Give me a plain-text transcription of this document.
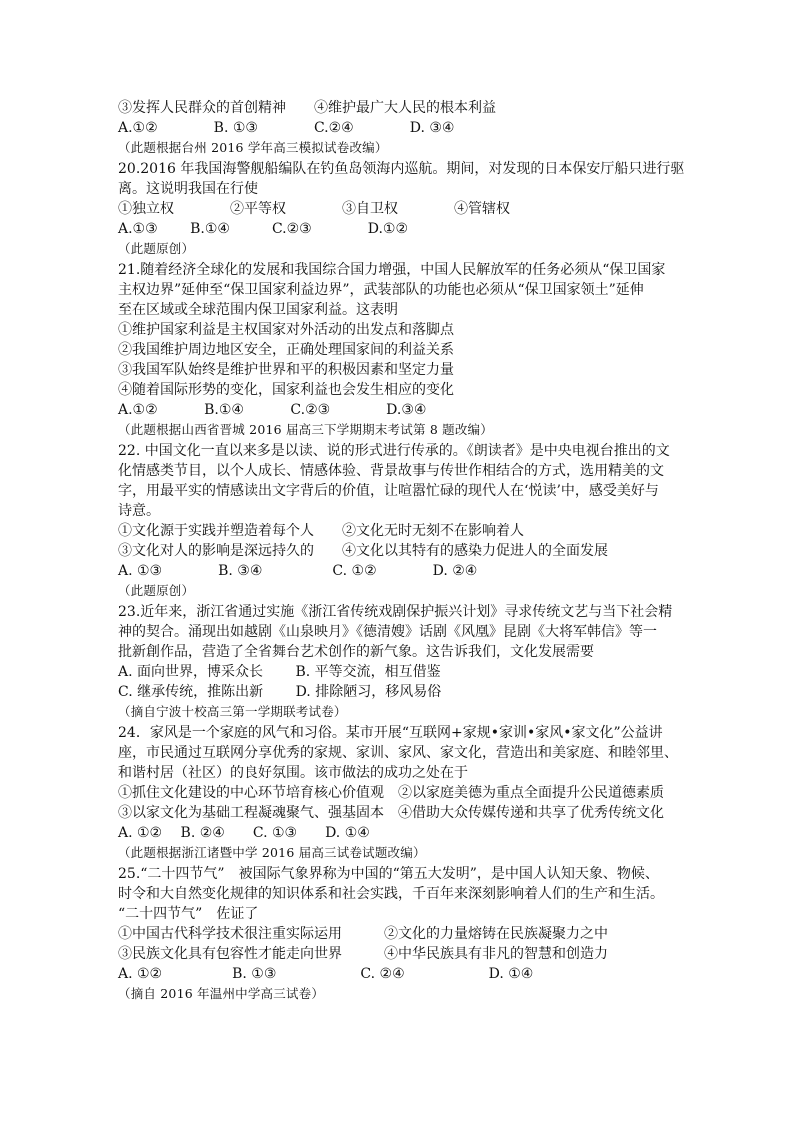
③发挥人民群众的首创精神　　④维护最广大人民的根本利益
A.①②　　　　B. ①③　　　　C.②④　　　　D. ③④
（此题根据台州 2016 学年高三模拟试卷改编）
20.2016 年我国海警舰船编队在钓鱼岛领海内巡航。期间，对发现的日本保安厅船只进行驱
离。这说明我国在行使
①独立权　　　　②平等权　　　　③自卫权　　　　④管辖权
A.①③　　 B.①④　　　C.②③　　　　D.①②
（此题原创）
21.随着经济全球化的发展和我国综合国力增强，中国人民解放军的任务必须从“保卫国家
主权边界”延伸至“保卫国家利益边界”，武装部队的功能也必须从“保卫国家领土”延伸
至在区域或全球范围内保卫国家利益。这表明
①维护国家利益是主权国家对外活动的出发点和落脚点
②我国维护周边地区安全，正确处理国家间的利益关系
③我国军队始终是维护世界和平的积极因素和坚定力量
④随着国际形势的变化，国家利益也会发生相应的变化
A.①②　　　 B.①④　　　 C.②③　　　　D.③④
（此题根据山西省晋城 2016 届高三下学期期末考试第 8 题改编）
22. 中国文化一直以来多是以读、说的形式进行传承的。《朗读者》是中央电视台推出的文
化情感类节目，以个人成长、情感体验、背景故事与传世作相结合的方式，选用精美的文
字，用最平实的情感读出文字背后的价值，让喧嚣忙碌的现代人在‘悦读’中，感受美好与
诗意。
①文化源于实践并塑造着每个人　　②文化无时无刻不在影响着人
③文化对人的影响是深远持久的　　④文化以其特有的感染力促进人的全面发展
A. ①③　　　　B. ③④　　　　　C. ①②　　　　D. ②④
（此题原创）
23.近年来，浙江省通过实施《浙江省传统戏剧保护振兴计划》寻求传统文艺与当下社会精
神的契合。涌现出如越剧《山泉映月》《德清嫂》话剧《风凰》昆剧《大将军韩信》等一
批新創作品，营造了全省舞台艺术创作的新气象。这告诉我们，文化发展需要
A. 面向世界，博采众长　　 B. 平等交流，相互借鉴
C. 继承传统，推陈出新　　 D. 排除陋习，移风易俗
（摘自宁波十校高三第一学期联考试卷）
24．家风是一个家庭的风气和习俗。某市开展“互联网+家规•家训•家风•家文化”公益讲
座，市民通过互联网分享优秀的家规、家训、家风、家文化，营造出和美家庭、和睦邻里、
和谐村居（社区）的良好氛围。该市做法的成功之处在于
①抓住文化建设的中心环节培育核心价值观　②以家庭美德为重点全面提升公民道德素质
③以家文化为基础工程凝魂聚气、强基固本　④借助大众传媒传递和共享了优秀传统文化
A. ①②　 B. ②④　　C. ①③　　D. ①④
（此题根据浙江诸暨中学 2016 届高三试卷试题改编）
25.“二十四节气”　被国际气象界称为中国的“第五大发明”，是中国人认知天象、物候、
时令和大自然变化规律的知识体系和社会实践，千百年来深刻影响着人们的生产和生活。
“二十四节气”　佐证了
①中国古代科学技术很注重实际运用　　　②文化的力量熔铸在民族凝聚力之中
③民族文化具有包容性才能走向世界　　　④中华民族具有非凡的智慧和创造力
A. ①②　　　　　B. ①③　　　　　　C. ②④　　　　　　D. ①④
（摘自 2016 年温州中学高三试卷）
